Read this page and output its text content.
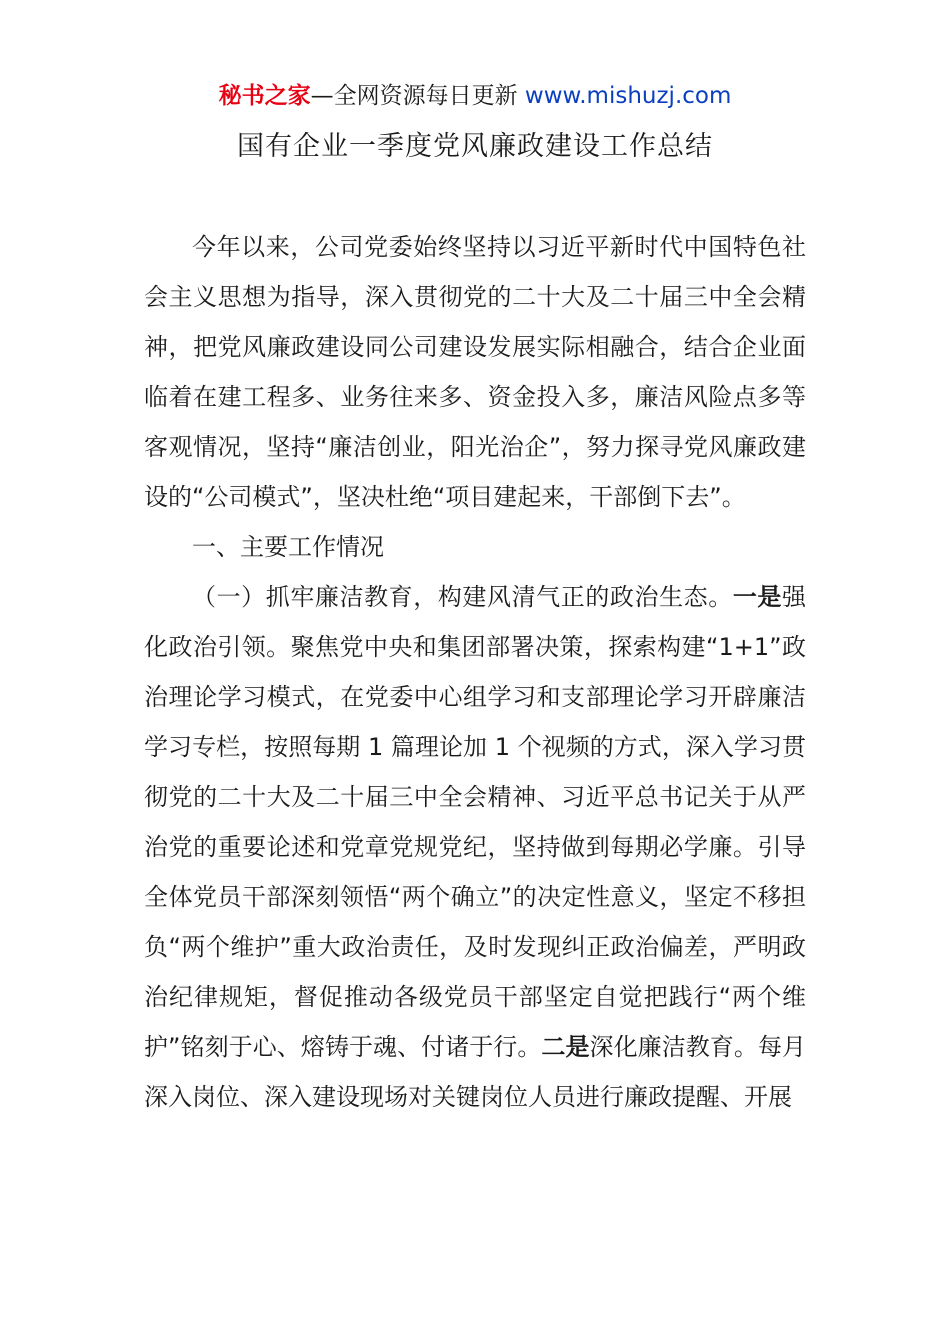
秘书之家—全网资源每日更新 www.mishuzj.com
国有企业一季度党风廉政建设工作总结

今年以来，公司党委始终坚持以习近平新时代中国特色社会主义思想为指导，深入贯彻党的二十大及二十届三中全会精神，把党风廉政建设同公司建设发展实际相融合，结合企业面临着在建工程多、业务往来多、资金投入多，廉洁风险点多等客观情况，坚持“廉洁创业，阳光治企”，努力探寻党风廉政建设的“公司模式”，坚决杜绝“项目建起来，干部倒下去”。

一、主要工作情况

（一）抓牢廉洁教育，构建风清气正的政治生态。一是强化政治引领。聚焦党中央和集团部署决策，探索构建“1+1”政治理论学习模式，在党委中心组学习和支部理论学习开辟廉洁学习专栏，按照每期 1 篇理论加 1 个视频的方式，深入学习贯彻党的二十大及二十届三中全会精神、习近平总书记关于从严治党的重要论述和党章党规党纪，坚持做到每期必学廉。引导全体党员干部深刻领悟“两个确立”的决定性意义，坚定不移担负“两个维护”重大政治责任，及时发现纠正政治偏差，严明政治纪律规矩，督促推动各级党员干部坚定自觉把践行“两个维护”铭刻于心、熔铸于魂、付诸于行。二是深化廉洁教育。每月深入岗位、深入建设现场对关键岗位人员进行廉政提醒、开展
